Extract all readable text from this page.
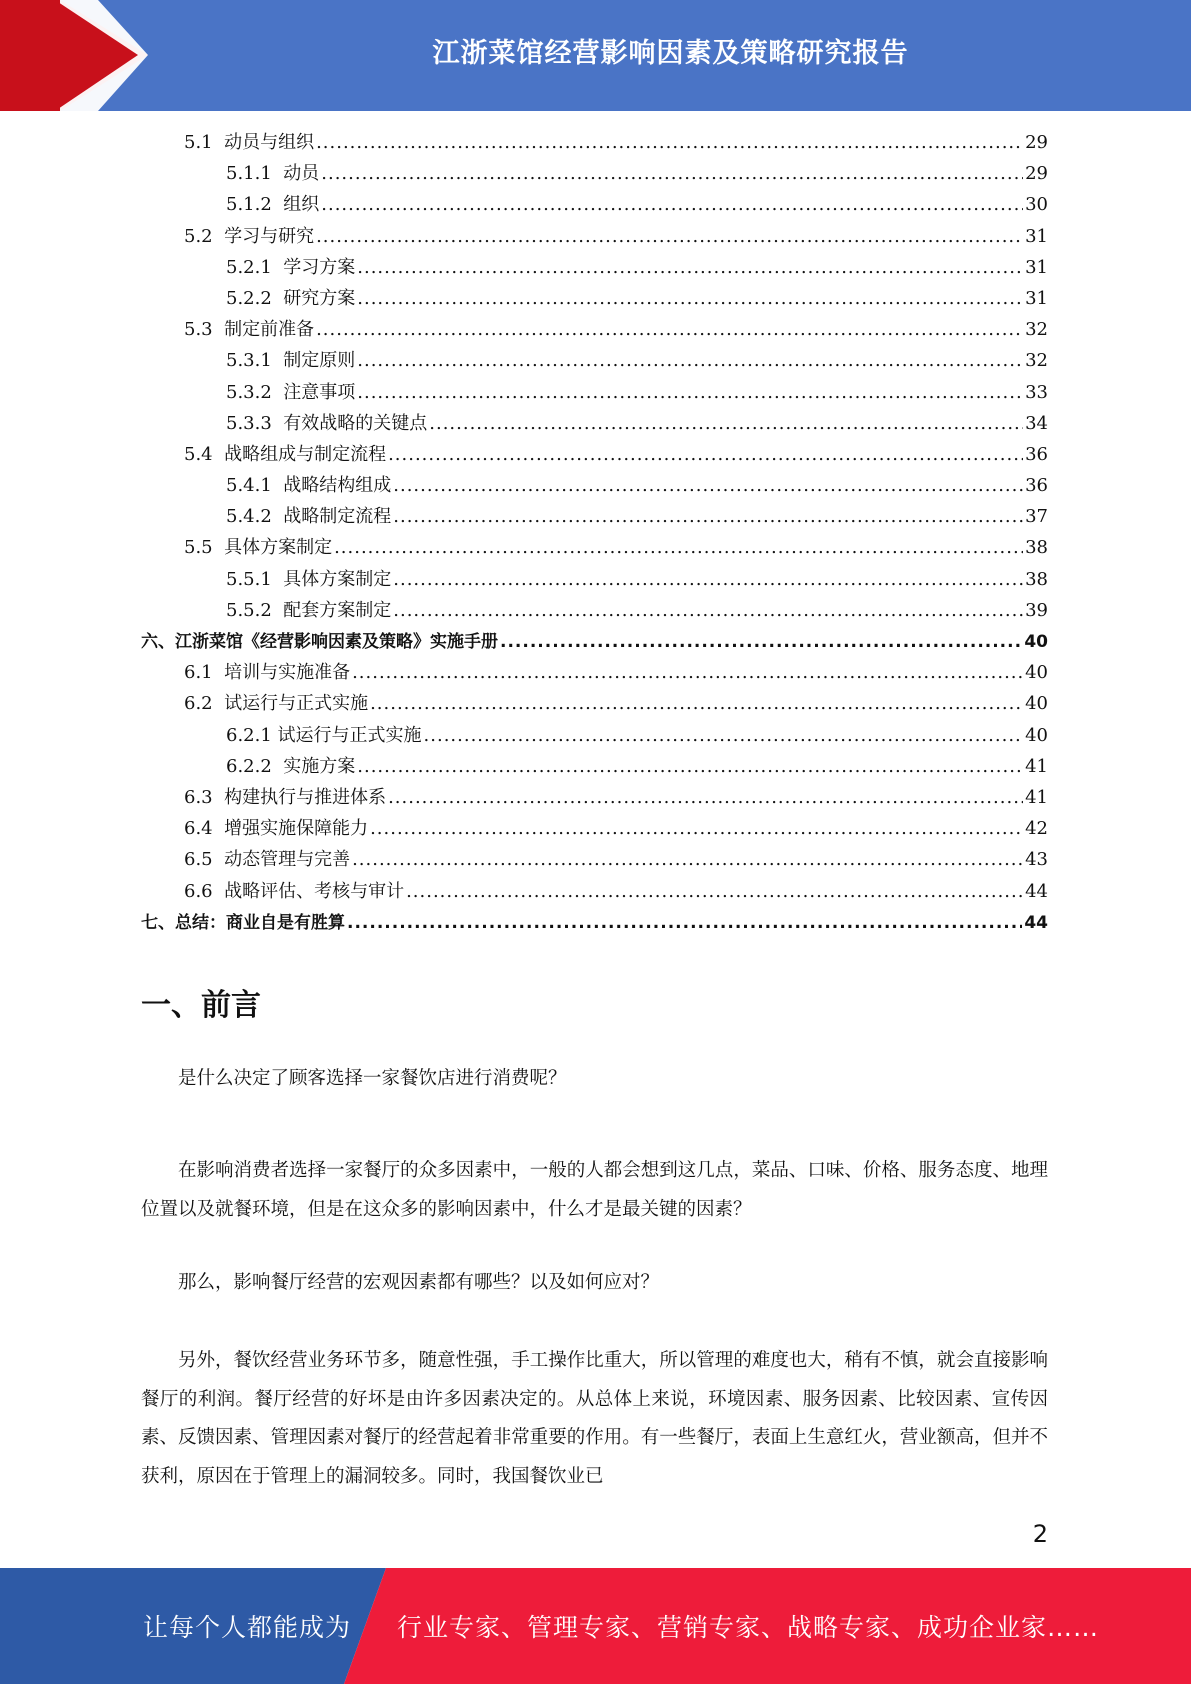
江浙菜馆经营影响因素及策略研究报告
5.1  动员与组织 .....	29
5.1.1  动员 .....	29
5.1.2  组织 .....	30
5.2  学习与研究 .....	31
5.2.1  学习方案 .....	31
5.2.2  研究方案 .....	31
5.3  制定前准备 .....	32
5.3.1  制定原则 .....	32
5.3.2  注意事项 .....	33
5.3.3  有效战略的关键点 .....	34
5.4  战略组成与制定流程 .....	36
5.4.1  战略结构组成 .....	36
5.4.2  战略制定流程 .....	37
5.5  具体方案制定 .....	38
5.5.1  具体方案制定 .....	38
5.5.2  配套方案制定 .....	39
六、江浙菜馆《经营影响因素及策略》实施手册 .....	40
6.1  培训与实施准备 .....	40
6.2  试运行与正式实施 .....	40
6.2.1 试运行与正式实施 .....	40
6.2.2  实施方案 .....	41
6.3  构建执行与推进体系 .....	41
6.4  增强实施保障能力 .....	42
6.5  动态管理与完善 .....	43
6.6  战略评估、考核与审计 .....	44
七、总结：商业自是有胜算 .....	44
一、前言

是什么决定了顾客选择一家餐饮店进行消费呢？

在影响消费者选择一家餐厅的众多因素中，一般的人都会想到这几点，菜品、口味、价格、服务态度、地理位置以及就餐环境，但是在这众多的影响因素中，什么才是最关键的因素？

那么，影响餐厅经营的宏观因素都有哪些？以及如何应对？

另外，餐饮经营业务环节多，随意性强，手工操作比重大，所以管理的难度也大，稍有不慎，就会直接影响餐厅的利润。餐厅经营的好坏是由许多因素决定的。从总体上来说，环境因素、服务因素、比较因素、宣传因素、反馈因素、管理因素对餐厅的经营起着非常重要的作用。有一些餐厅，表面上生意红火，营业额高，但并不获利，原因在于管理上的漏洞较多。同时，我国餐饮业已

2
让每个人都能成为 行业专家、管理专家、营销专家、战略专家、成功企业家……
